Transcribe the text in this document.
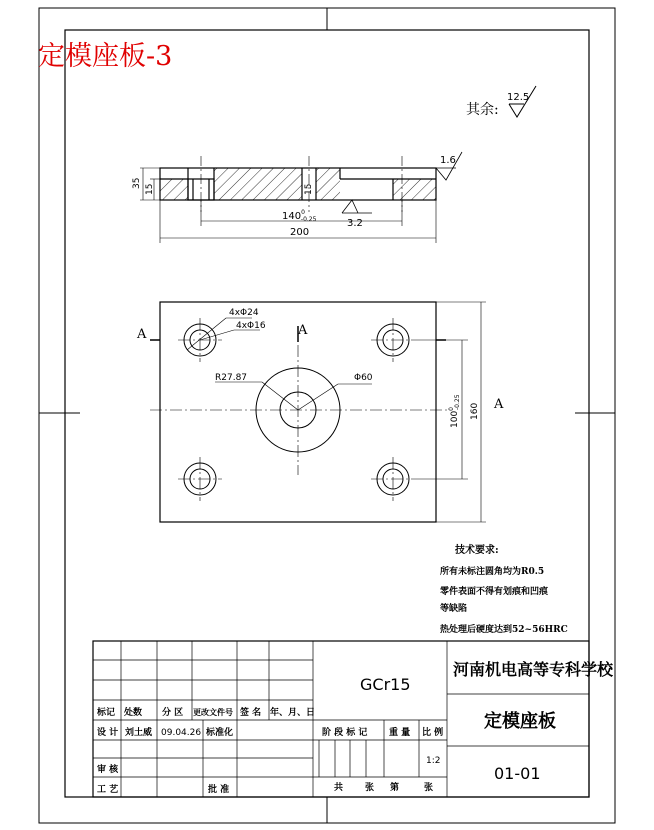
定模座板-3
其余:
12.5
35
15	15
$140^0$ -0.25
200
1.6
3.2
4xΦ24
4xΦ16
R27.87	Φ60
A	A
A
$100^0-0.25$
160
技术要求:
所有未标注圆角均为R0.5
零件表面不得有划痕和凹痕
等缺陷
热处理后硬度达到52~56HRC
GCr15
河南机电高等专科学校
定模座板
01-01
1:2
标记 处数 分 区 更改文件号 签 名 年、月、日
设 计 刘土威 09.04.26 标准化
审 核
工 艺	批 准
阶 段 标 记 重 量 比 例
共 张 第	张
